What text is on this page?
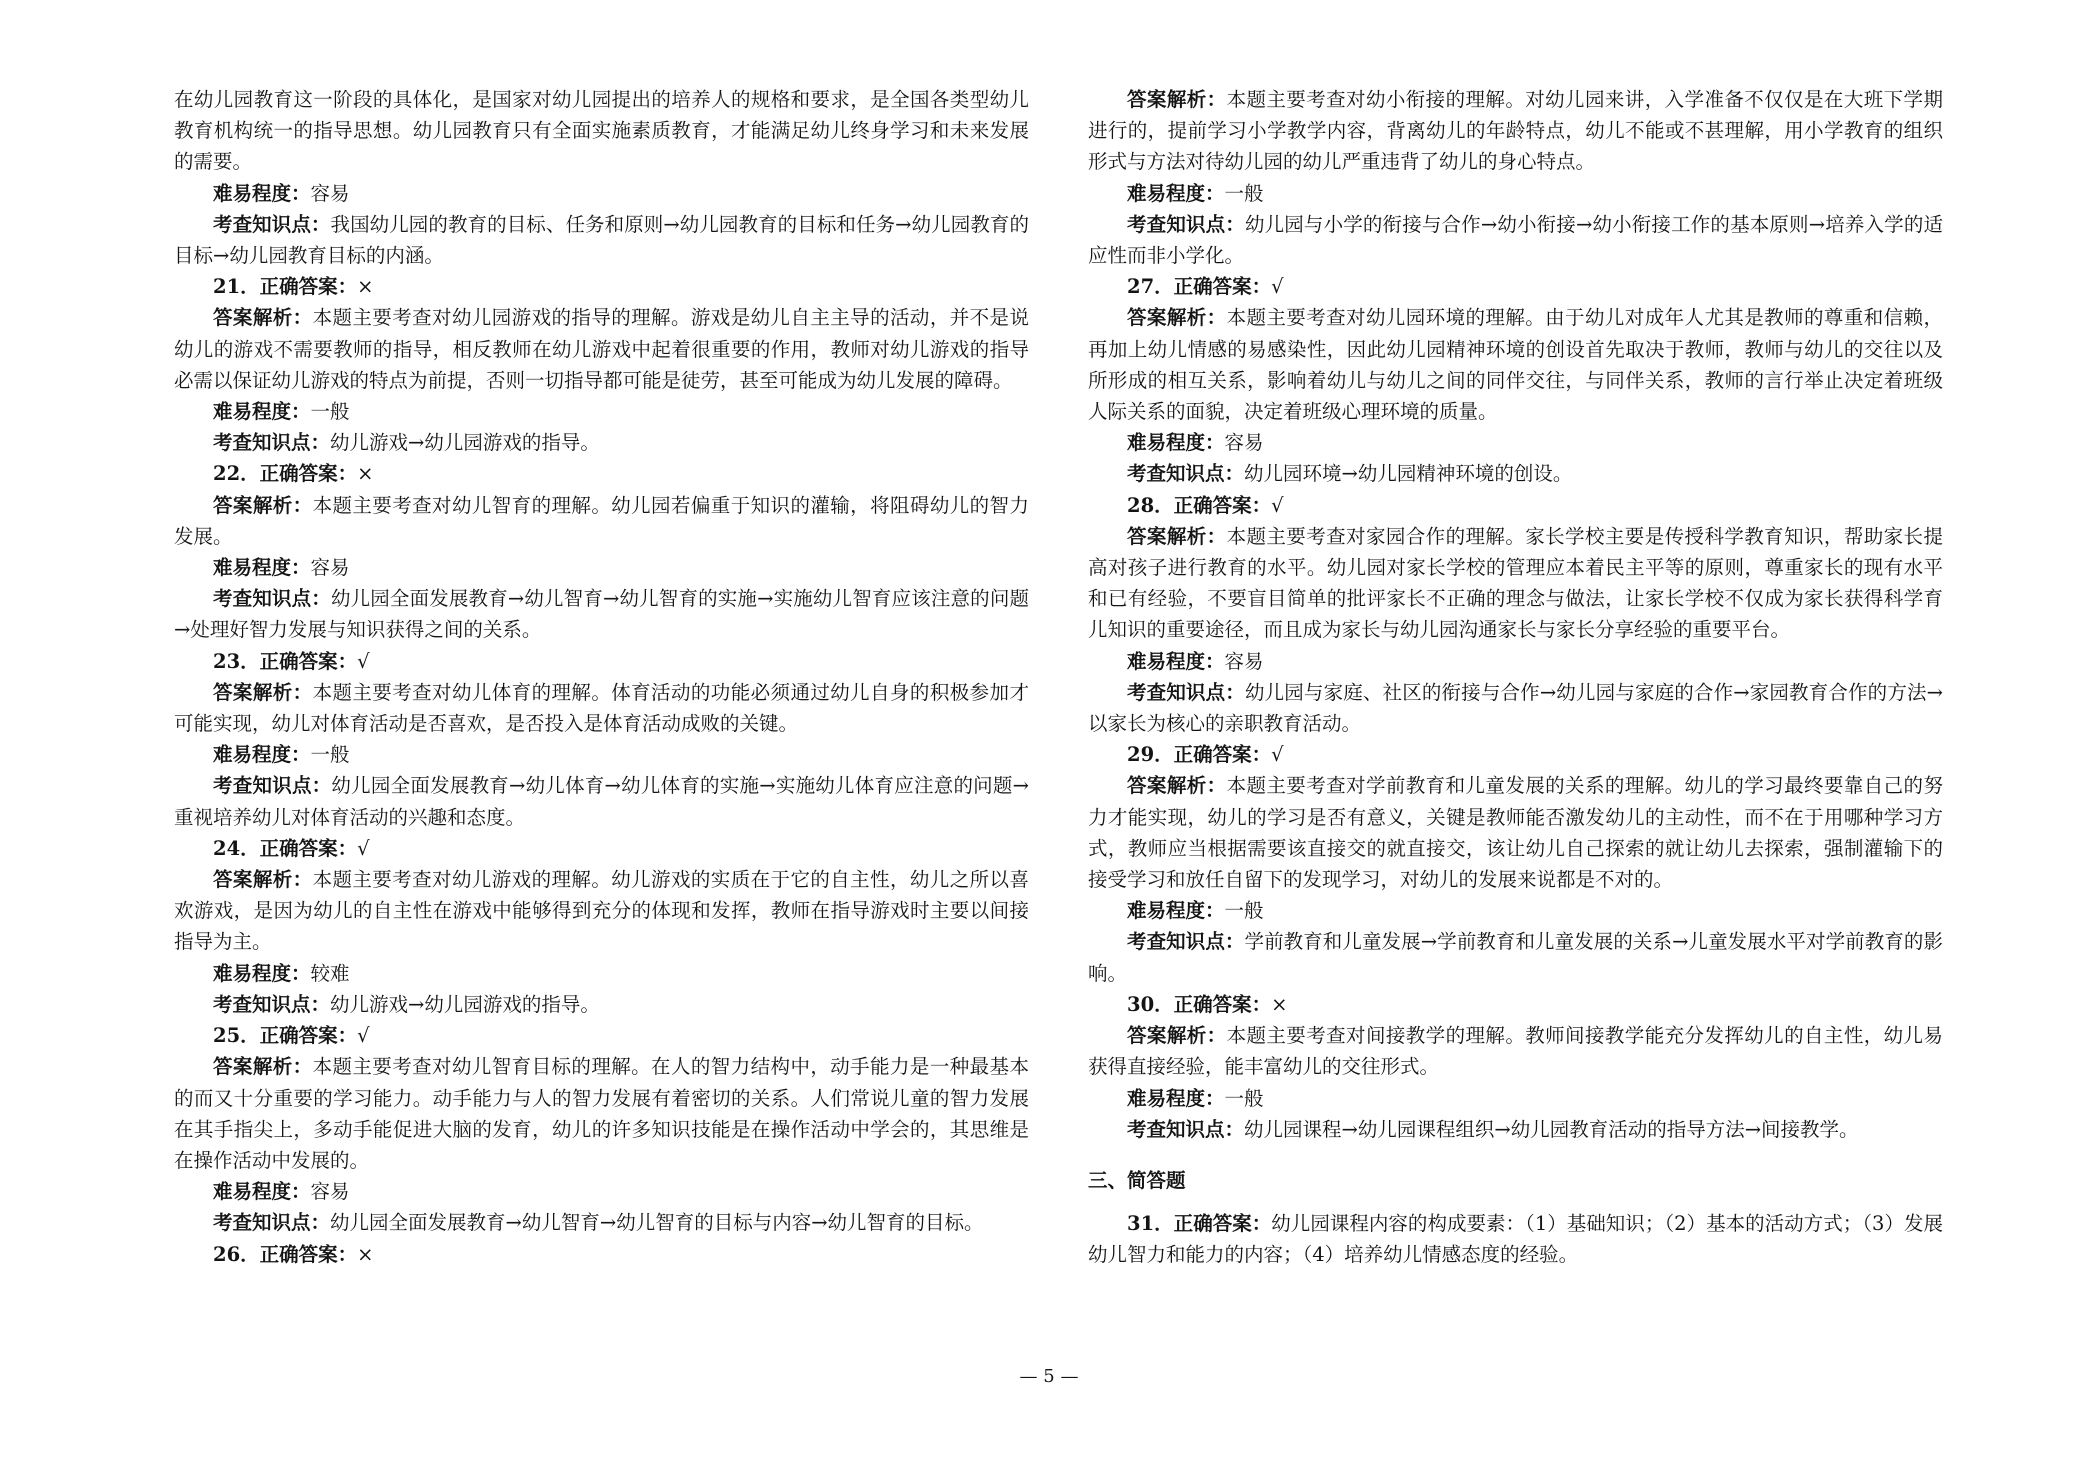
在幼儿园教育这一阶段的具体化，是国家对幼儿园提出的培养人的规格和要求，是全国各类型幼儿教育机构统一的指导思想。幼儿园教育只有全面实施素质教育，才能满足幼儿终身学习和未来发展的需要。

难易程度：容易

考查知识点：我国幼儿园的教育的目标、任务和原则→幼儿园教育的目标和任务→幼儿园教育的目标→幼儿园教育目标的内涵。

21．正确答案：×

答案解析：本题主要考查对幼儿园游戏的指导的理解。游戏是幼儿自主主导的活动，并不是说幼儿的游戏不需要教师的指导，相反教师在幼儿游戏中起着很重要的作用，教师对幼儿游戏的指导必需以保证幼儿游戏的特点为前提，否则一切指导都可能是徒劳，甚至可能成为幼儿发展的障碍。

难易程度：一般

考查知识点：幼儿游戏→幼儿园游戏的指导。

22．正确答案：×

答案解析：本题主要考查对幼儿智育的理解。幼儿园若偏重于知识的灌输，将阻碍幼儿的智力发展。

难易程度：容易

考查知识点：幼儿园全面发展教育→幼儿智育→幼儿智育的实施→实施幼儿智育应该注意的问题→处理好智力发展与知识获得之间的关系。

23．正确答案：√

答案解析：本题主要考查对幼儿体育的理解。体育活动的功能必须通过幼儿自身的积极参加才可能实现，幼儿对体育活动是否喜欢，是否投入是体育活动成败的关键。

难易程度：一般

考查知识点：幼儿园全面发展教育→幼儿体育→幼儿体育的实施→实施幼儿体育应注意的问题→重视培养幼儿对体育活动的兴趣和态度。

24．正确答案：√

答案解析：本题主要考查对幼儿游戏的理解。幼儿游戏的实质在于它的自主性，幼儿之所以喜欢游戏，是因为幼儿的自主性在游戏中能够得到充分的体现和发挥，教师在指导游戏时主要以间接指导为主。

难易程度：较难

考查知识点：幼儿游戏→幼儿园游戏的指导。

25．正确答案：√

答案解析：本题主要考查对幼儿智育目标的理解。在人的智力结构中，动手能力是一种最基本的而又十分重要的学习能力。动手能力与人的智力发展有着密切的关系。人们常说儿童的智力发展在其手指尖上，多动手能促进大脑的发育，幼儿的许多知识技能是在操作活动中学会的，其思维是在操作活动中发展的。

难易程度：容易

考查知识点：幼儿园全面发展教育→幼儿智育→幼儿智育的目标与内容→幼儿智育的目标。

26．正确答案：×

答案解析：本题主要考查对幼小衔接的理解。对幼儿园来讲，入学准备不仅仅是在大班下学期进行的，提前学习小学教学内容，背离幼儿的年龄特点，幼儿不能或不甚理解，用小学教育的组织形式与方法对待幼儿园的幼儿严重违背了幼儿的身心特点。

难易程度：一般

考查知识点：幼儿园与小学的衔接与合作→幼小衔接→幼小衔接工作的基本原则→培养入学的适应性而非小学化。

27．正确答案：√

答案解析：本题主要考查对幼儿园环境的理解。由于幼儿对成年人尤其是教师的尊重和信赖，再加上幼儿情感的易感染性，因此幼儿园精神环境的创设首先取决于教师，教师与幼儿的交往以及所形成的相互关系，影响着幼儿与幼儿之间的同伴交往，与同伴关系，教师的言行举止决定着班级人际关系的面貌，决定着班级心理环境的质量。

难易程度：容易

考查知识点：幼儿园环境→幼儿园精神环境的创设。

28．正确答案：√

答案解析：本题主要考查对家园合作的理解。家长学校主要是传授科学教育知识，帮助家长提高对孩子进行教育的水平。幼儿园对家长学校的管理应本着民主平等的原则，尊重家长的现有水平和已有经验，不要盲目简单的批评家长不正确的理念与做法，让家长学校不仅成为家长获得科学育儿知识的重要途径，而且成为家长与幼儿园沟通家长与家长分享经验的重要平台。

难易程度：容易

考查知识点：幼儿园与家庭、社区的衔接与合作→幼儿园与家庭的合作→家园教育合作的方法→以家长为核心的亲职教育活动。

29．正确答案：√

答案解析：本题主要考查对学前教育和儿童发展的关系的理解。幼儿的学习最终要靠自己的努力才能实现，幼儿的学习是否有意义，关键是教师能否激发幼儿的主动性，而不在于用哪种学习方式，教师应当根据需要该直接交的就直接交，该让幼儿自己探索的就让幼儿去探索，强制灌输下的接受学习和放任自留下的发现学习，对幼儿的发展来说都是不对的。

难易程度：一般

考查知识点：学前教育和儿童发展→学前教育和儿童发展的关系→儿童发展水平对学前教育的影响。

30．正确答案：×

答案解析：本题主要考查对间接教学的理解。教师间接教学能充分发挥幼儿的自主性，幼儿易获得直接经验，能丰富幼儿的交往形式。

难易程度：一般

考查知识点：幼儿园课程→幼儿园课程组织→幼儿园教育活动的指导方法→间接教学。

三、简答题

31．正确答案：幼儿园课程内容的构成要素：（1）基础知识；（2）基本的活动方式；（3）发展幼儿智力和能力的内容；（4）培养幼儿情感态度的经验。

— 5 —
